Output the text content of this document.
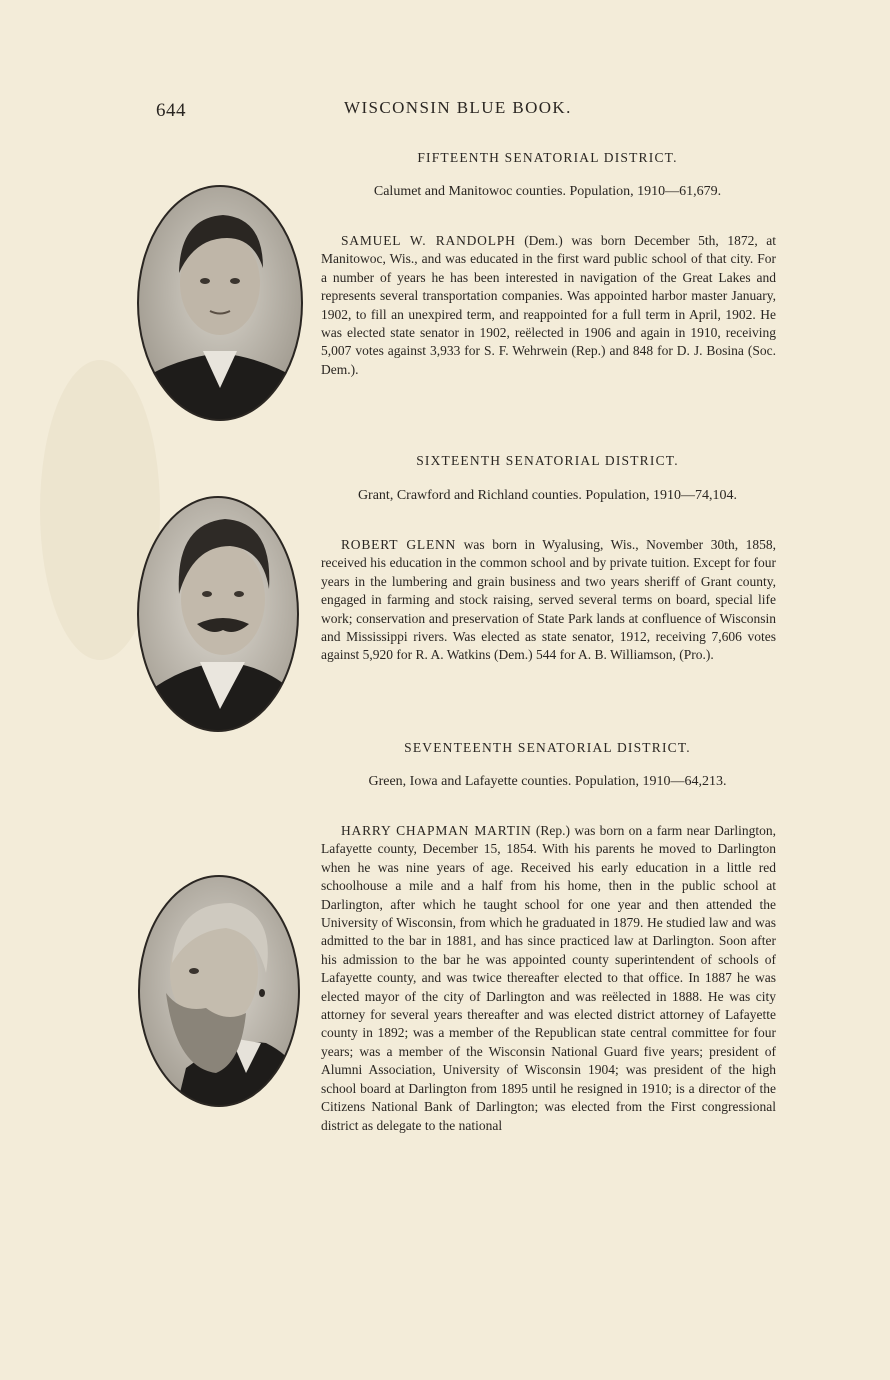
644	WISCONSIN BLUE BOOK.
FIFTEENTH SENATORIAL DISTRICT.
Calumet and Manitowoc counties. Population, 1910—61,679.
SAMUEL W. RANDOLPH (Dem.) was born December 5th, 1872, at Manitowoc, Wis., and was educated in the first ward public school of that city. For a number of years he has been interested in navigation of the Great Lakes and represents several transportation companies. Was appointed harbor master January, 1902, to fill an unexpired term, and reappointed for a full term in April, 1902. He was elected state senator in 1902, reëlected in 1906 and again in 1910, receiving 5,007 votes against 3,933 for S. F. Wehrwein (Rep.) and 848 for D. J. Bosina (Soc. Dem.).
SIXTEENTH SENATORIAL DISTRICT.
Grant, Crawford and Richland counties. Population, 1910—74,104.
ROBERT GLENN was born in Wyalusing, Wis., November 30th, 1858, received his education in the common school and by private tuition. Except for four years in the lumbering and grain business and two years sheriff of Grant county, engaged in farming and stock raising, served several terms on board, special life work; conservation and preservation of State Park lands at confluence of Wisconsin and Mississippi rivers. Was elected as state senator, 1912, receiving 7,606 votes against 5,920 for R. A. Watkins (Dem.) 544 for A. B. Williamson, (Pro.).
SEVENTEENTH SENATORIAL DISTRICT.
Green, Iowa and Lafayette counties. Population, 1910—64,213.
HARRY CHAPMAN MARTIN (Rep.) was born on a farm near Darlington, Lafayette county, December 15, 1854. With his parents he moved to Darlington when he was nine years of age. Received his early education in a little red schoolhouse a mile and a half from his home, then in the public school at Darlington, after which he taught school for one year and then attended the University of Wisconsin, from which he graduated in 1879. He studied law and was admitted to the bar in 1881, and has since practiced law at Darlington. Soon after his admission to the bar he was appointed county superintendent of schools of Lafayette county, and was twice thereafter elected to that office. In 1887 he was elected mayor of the city of Darlington and was reëlected in 1888. He was city attorney for several years thereafter and was elected district attorney of Lafayette county in 1892; was a member of the Republican state central committee for four years; was a member of the Wisconsin National Guard five years; president of Alumni Association, University of Wisconsin 1904; was president of the high school board at Darlington from 1895 until he resigned in 1910; is a director of the Citizens National Bank of Darlington; was elected from the First congressional district as delegate to the national
